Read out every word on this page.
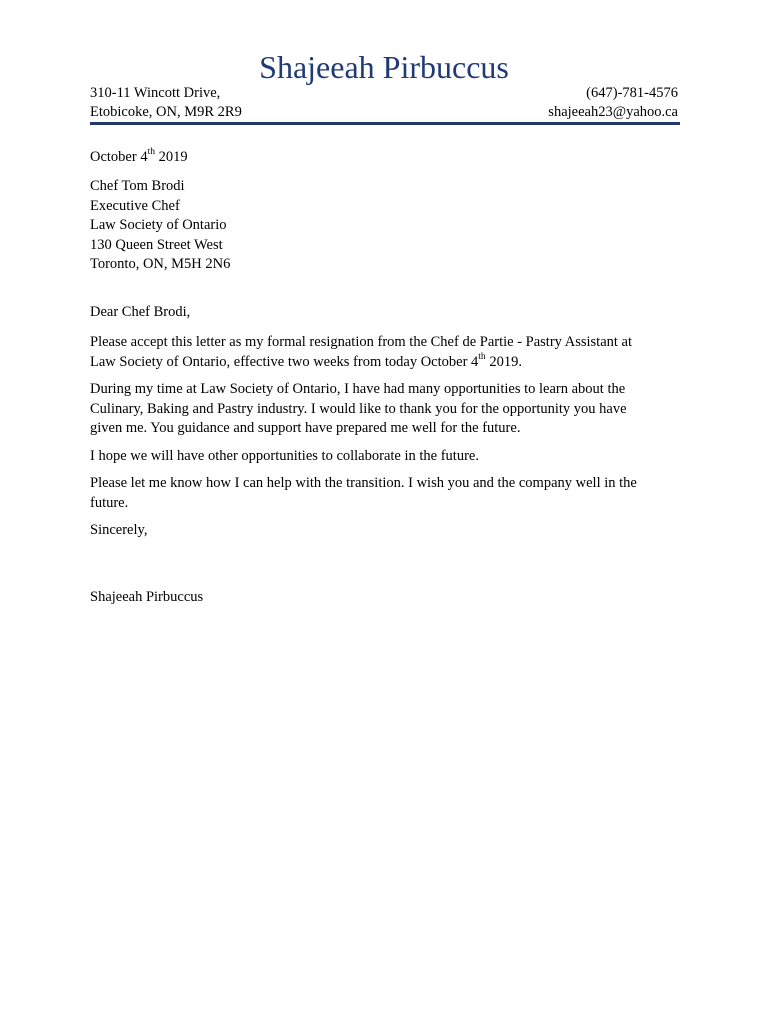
Shajeeah Pirbuccus
310-11 Wincott Drive,
Etobicoke, ON, M9R 2R9
(647)-781-4576
shajeeah23@yahoo.ca
October 4th 2019
Chef Tom Brodi
Executive Chef
Law Society of Ontario
130 Queen Street West
Toronto, ON, M5H 2N6
Dear Chef Brodi,
Please accept this letter as my formal resignation from the Chef de Partie - Pastry Assistant at
Law Society of Ontario, effective two weeks from today October 4th 2019.
During my time at Law Society of Ontario, I have had many opportunities to learn about the
Culinary, Baking and Pastry industry. I would like to thank you for the opportunity you have
given me. You guidance and support have prepared me well for the future.
I hope we will have other opportunities to collaborate in the future.
Please let me know how I can help with the transition. I wish you and the company well in the
future.
Sincerely,
Shajeeah Pirbuccus
